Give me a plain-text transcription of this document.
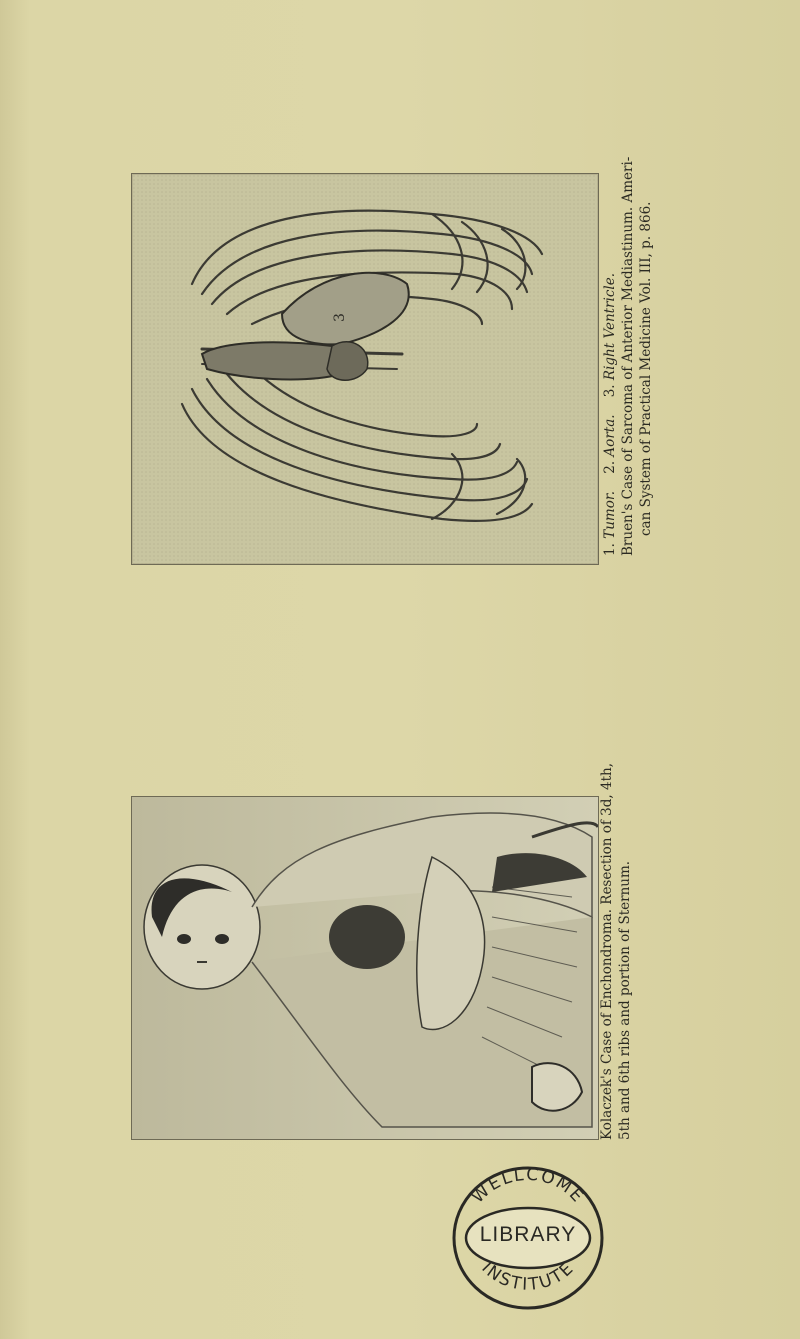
3
1. Tumor.    2. Aorta.    3. Right Ventricle. Bruen's Case of Sarcoma of Anterior Mediastinum. Ameri- can System of Practical Medicine Vol. III, p. 866.
Kolaczek's Case of Enchondroma. Resection of 3d, 4th, 5th and 6th ribs and portion of Sternum.
WELLCOME
INSTITUTE
LIBRARY
